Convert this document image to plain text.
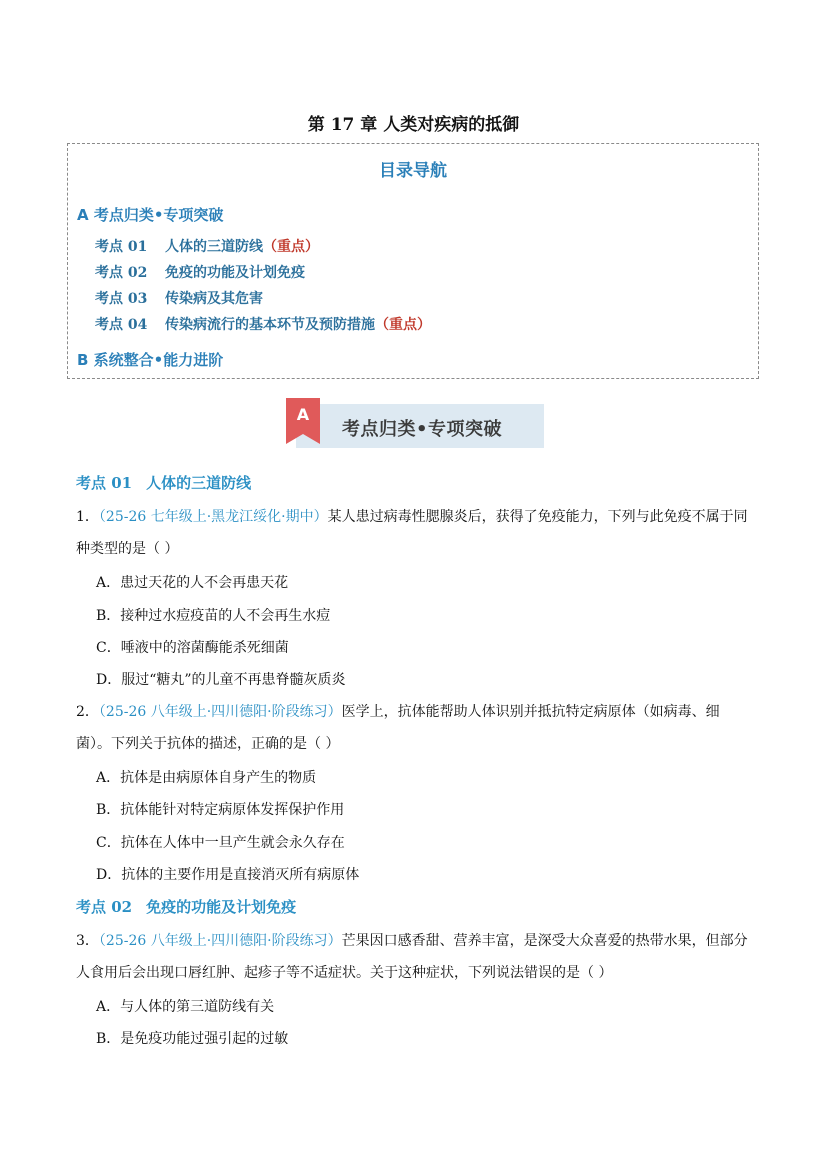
第 17 章 人类对疾病的抵御
目录导航
A 考点归类•专项突破
考点 01 人体的三道防线（重点）
考点 02 免疫的功能及计划免疫
考点 03 传染病及其危害
考点 04 传染病流行的基本环节及预防措施（重点）
B 系统整合•能力进阶
A
考点归类•专项突破
考点 01 人体的三道防线
1．（25-26 七年级上·黑龙江绥化·期中）某人患过病毒性腮腺炎后，获得了免疫能力，下列与此免疫不属于同种类型的是（ ）
A．患过天花的人不会再患天花
B．接种过水痘疫苗的人不会再生水痘
C．唾液中的溶菌酶能杀死细菌
D．服过“糖丸”的儿童不再患脊髓灰质炎
2．（25-26 八年级上·四川德阳·阶段练习）医学上，抗体能帮助人体识别并抵抗特定病原体（如病毒、细菌）。下列关于抗体的描述，正确的是（ ）
A．抗体是由病原体自身产生的物质
B．抗体能针对特定病原体发挥保护作用
C．抗体在人体中一旦产生就会永久存在
D．抗体的主要作用是直接消灭所有病原体
考点 02 免疫的功能及计划免疫
3．（25-26 八年级上·四川德阳·阶段练习）芒果因口感香甜、营养丰富，是深受大众喜爱的热带水果，但部分人食用后会出现口唇红肿、起疹子等不适症状。关于这种症状，下列说法错误的是（ ）
A．与人体的第三道防线有关
B．是免疫功能过强引起的过敏
